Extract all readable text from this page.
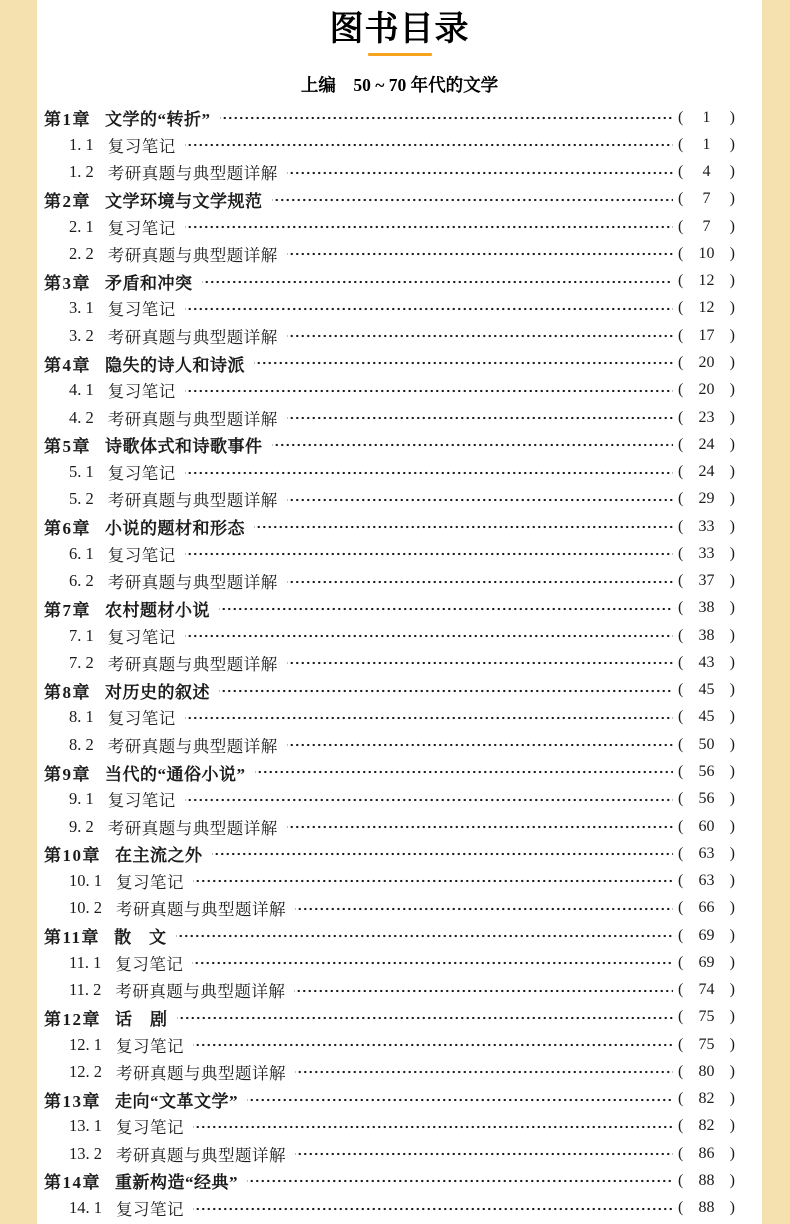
图书目录
上编　50 ~ 70 年代的文学
第1章 文学的“转折”	( 1 )
1. 1 复习笔记	( 1 )
1. 2 考研真题与典型题详解	( 4 )
第2章 文学环境与文学规范	( 7 )
2. 1 复习笔记	( 7 )
2. 2 考研真题与典型题详解	( 10 )
第3章 矛盾和冲突	( 12 )
3. 1 复习笔记	( 12 )
3. 2 考研真题与典型题详解	( 17 )
第4章 隐失的诗人和诗派	( 20 )
4. 1 复习笔记	( 20 )
4. 2 考研真题与典型题详解	( 23 )
第5章 诗歌体式和诗歌事件	( 24 )
5. 1 复习笔记	( 24 )
5. 2 考研真题与典型题详解	( 29 )
第6章 小说的题材和形态	( 33 )
6. 1 复习笔记	( 33 )
6. 2 考研真题与典型题详解	( 37 )
第7章 农村题材小说	( 38 )
7. 1 复习笔记	( 38 )
7. 2 考研真题与典型题详解	( 43 )
第8章 对历史的叙述	( 45 )
8. 1 复习笔记	( 45 )
8. 2 考研真题与典型题详解	( 50 )
第9章 当代的“通俗小说”	( 56 )
9. 1 复习笔记	( 56 )
9. 2 考研真题与典型题详解	( 60 )
第10章 在主流之外	( 63 )
10. 1 复习笔记	( 63 )
10. 2 考研真题与典型题详解	( 66 )
第11章 散　文	( 69 )
11. 1 复习笔记	( 69 )
11. 2 考研真题与典型题详解	( 74 )
第12章 话　剧	( 75 )
12. 1 复习笔记	( 75 )
12. 2 考研真题与典型题详解	( 80 )
第13章 走向“文革文学”	( 82 )
13. 1 复习笔记	( 82 )
13. 2 考研真题与典型题详解	( 86 )
第14章 重新构造“经典”	( 88 )
14. 1 复习笔记	( 88 )
